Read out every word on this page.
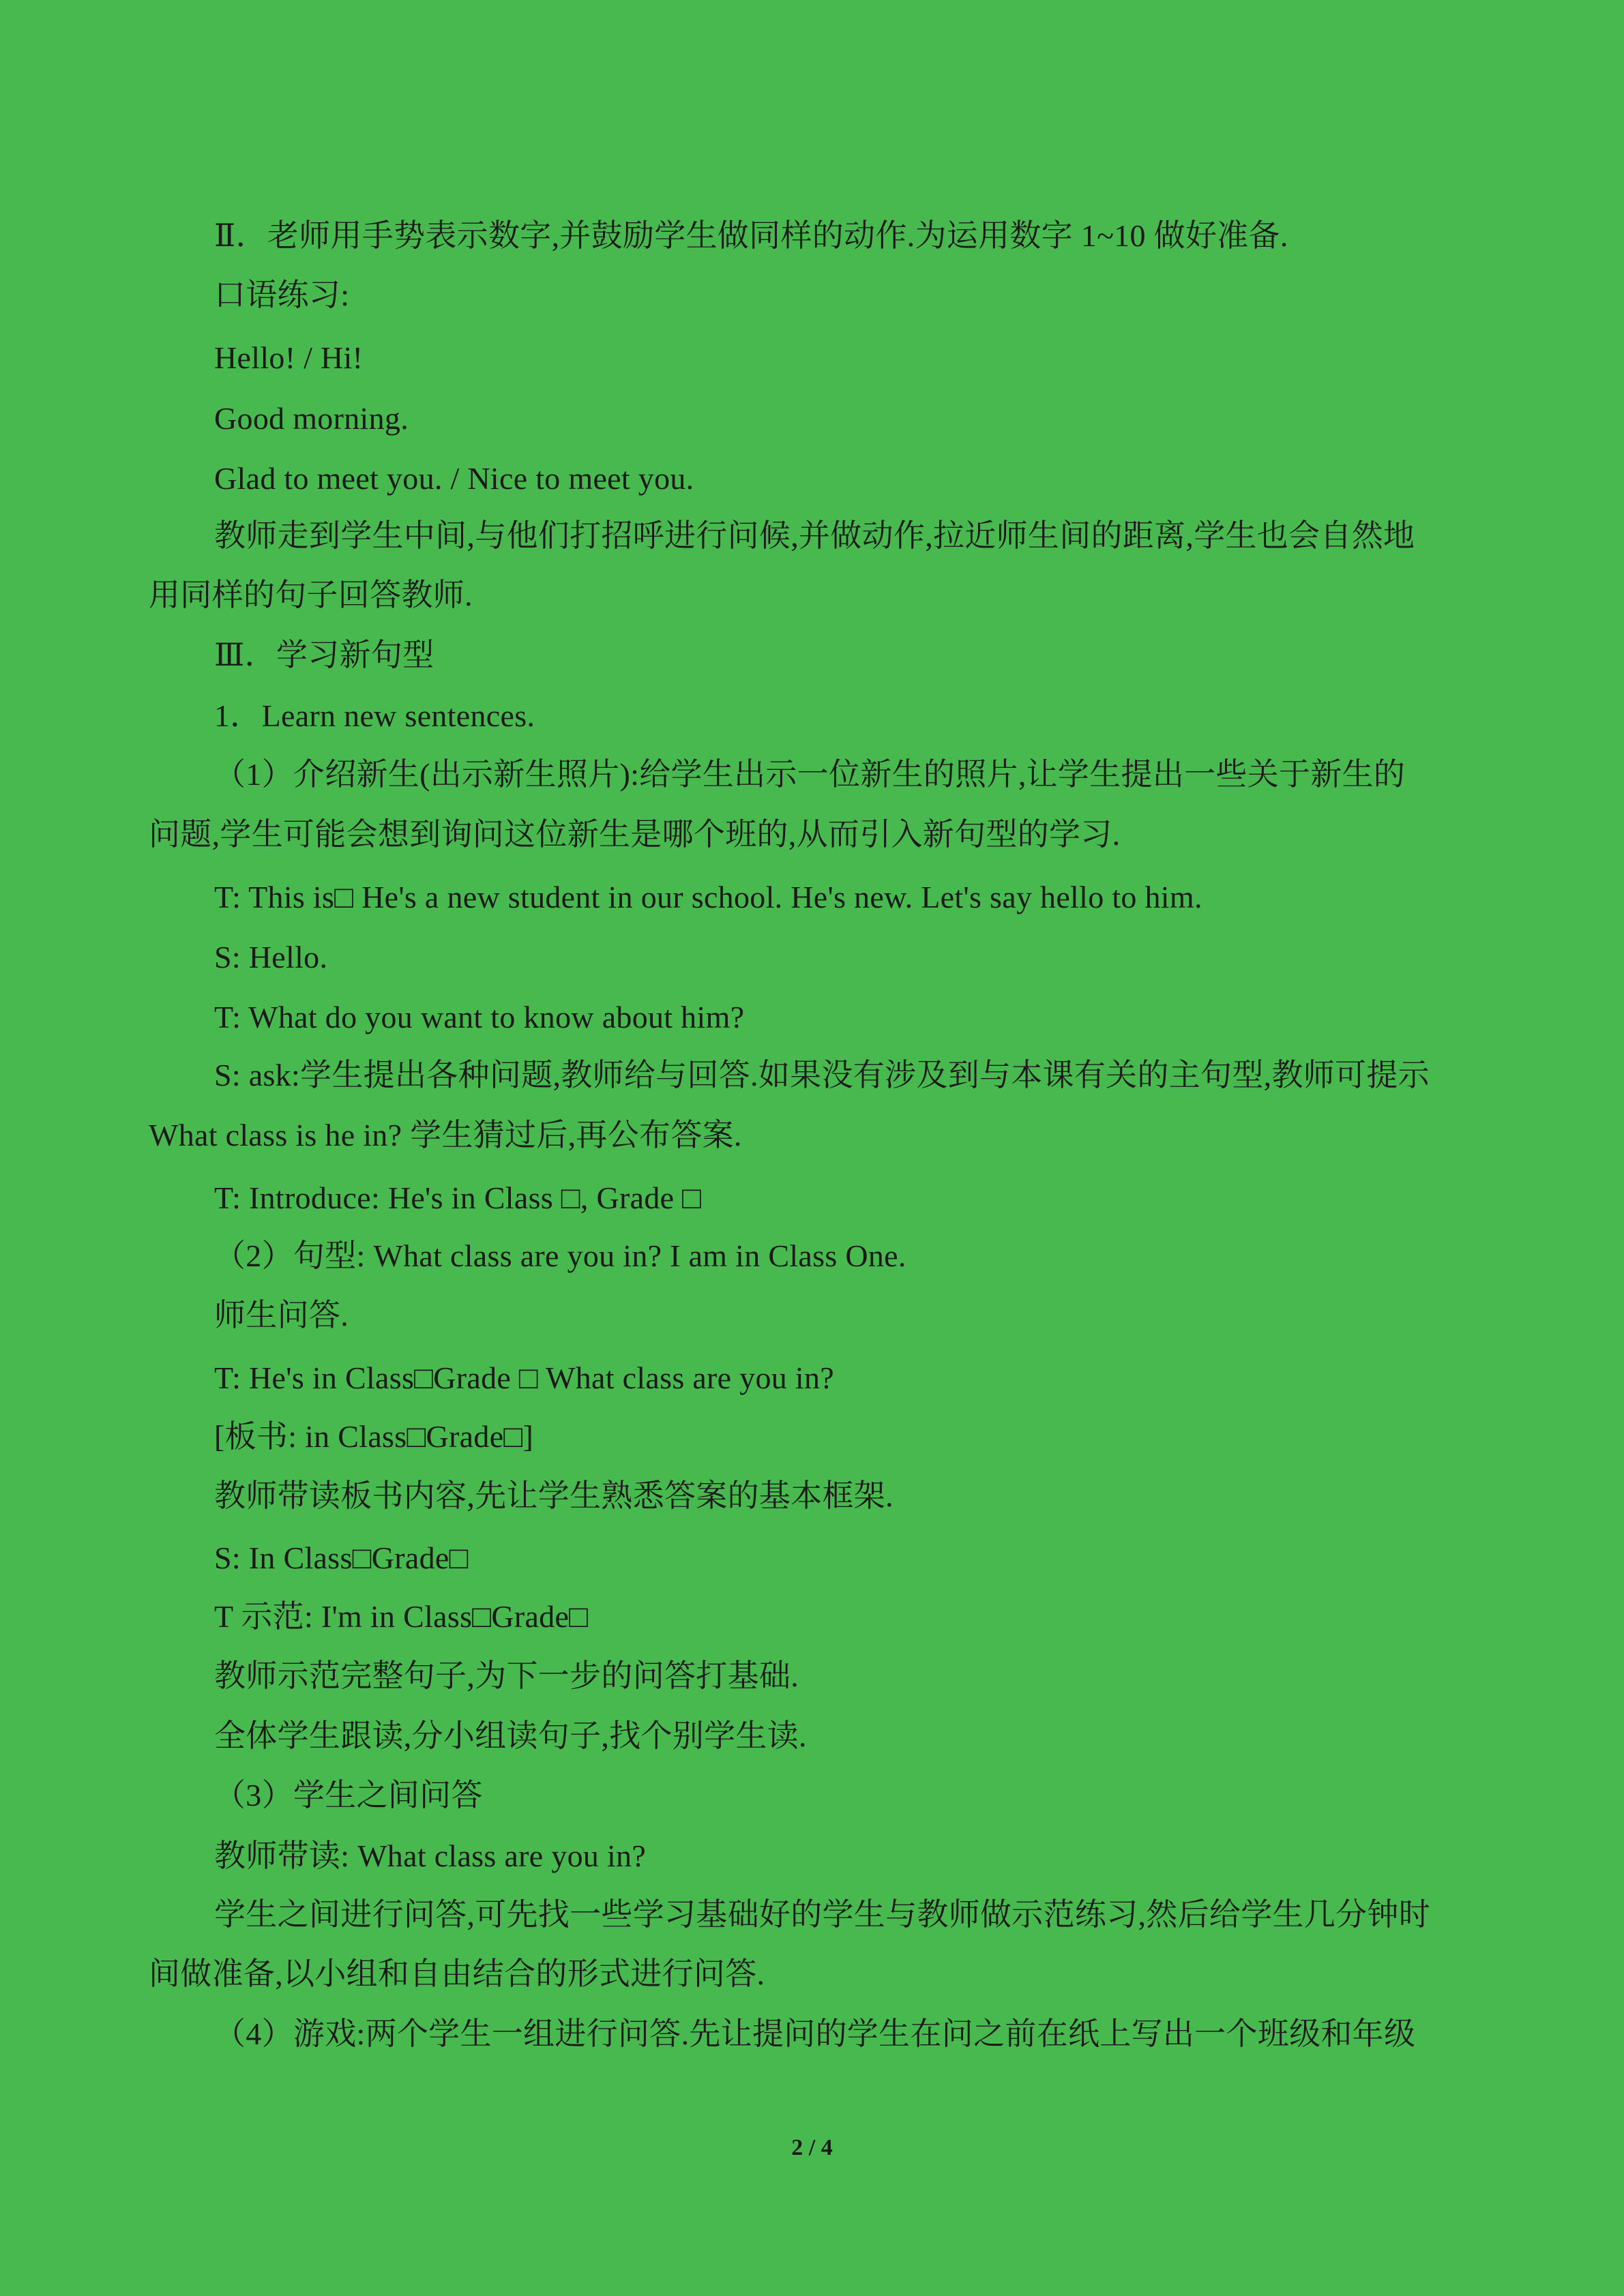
Ⅱ．老师用手势表示数字,并鼓励学生做同样的动作.为运用数字 1~10 做好准备.
口语练习:
Hello! / Hi!
Good morning.
Glad to meet you. / Nice to meet you.
教师走到学生中间,与他们打招呼进行问候,并做动作,拉近师生间的距离,学生也会自然地
用同样的句子回答教师.
Ⅲ．学习新句型
1．Learn new sentences.
（1）介绍新生(出示新生照片):给学生出示一位新生的照片,让学生提出一些关于新生的
问题,学生可能会想到询问这位新生是哪个班的,从而引入新句型的学习.
T: This is□ He's a new student in our school. He's new. Let's say hello to him.
S: Hello.
T: What do you want to know about him?
S: ask:学生提出各种问题,教师给与回答.如果没有涉及到与本课有关的主句型,教师可提示
What class is he in? 学生猜过后,再公布答案.
T: Introduce: He's in Class □, Grade □
（2）句型: What class are you in? I am in Class One.
师生问答.
T: He's in Class□Grade □ What class are you in?
[板书: in Class□Grade□]
教师带读板书内容,先让学生熟悉答案的基本框架.
S: In Class□Grade□
T 示范: I'm in Class□Grade□
教师示范完整句子,为下一步的问答打基础.
全体学生跟读,分小组读句子,找个别学生读.
（3）学生之间问答
教师带读: What class are you in?
学生之间进行问答,可先找一些学习基础好的学生与教师做示范练习,然后给学生几分钟时
间做准备,以小组和自由结合的形式进行问答.
（4）游戏:两个学生一组进行问答.先让提问的学生在问之前在纸上写出一个班级和年级
2 / 4
